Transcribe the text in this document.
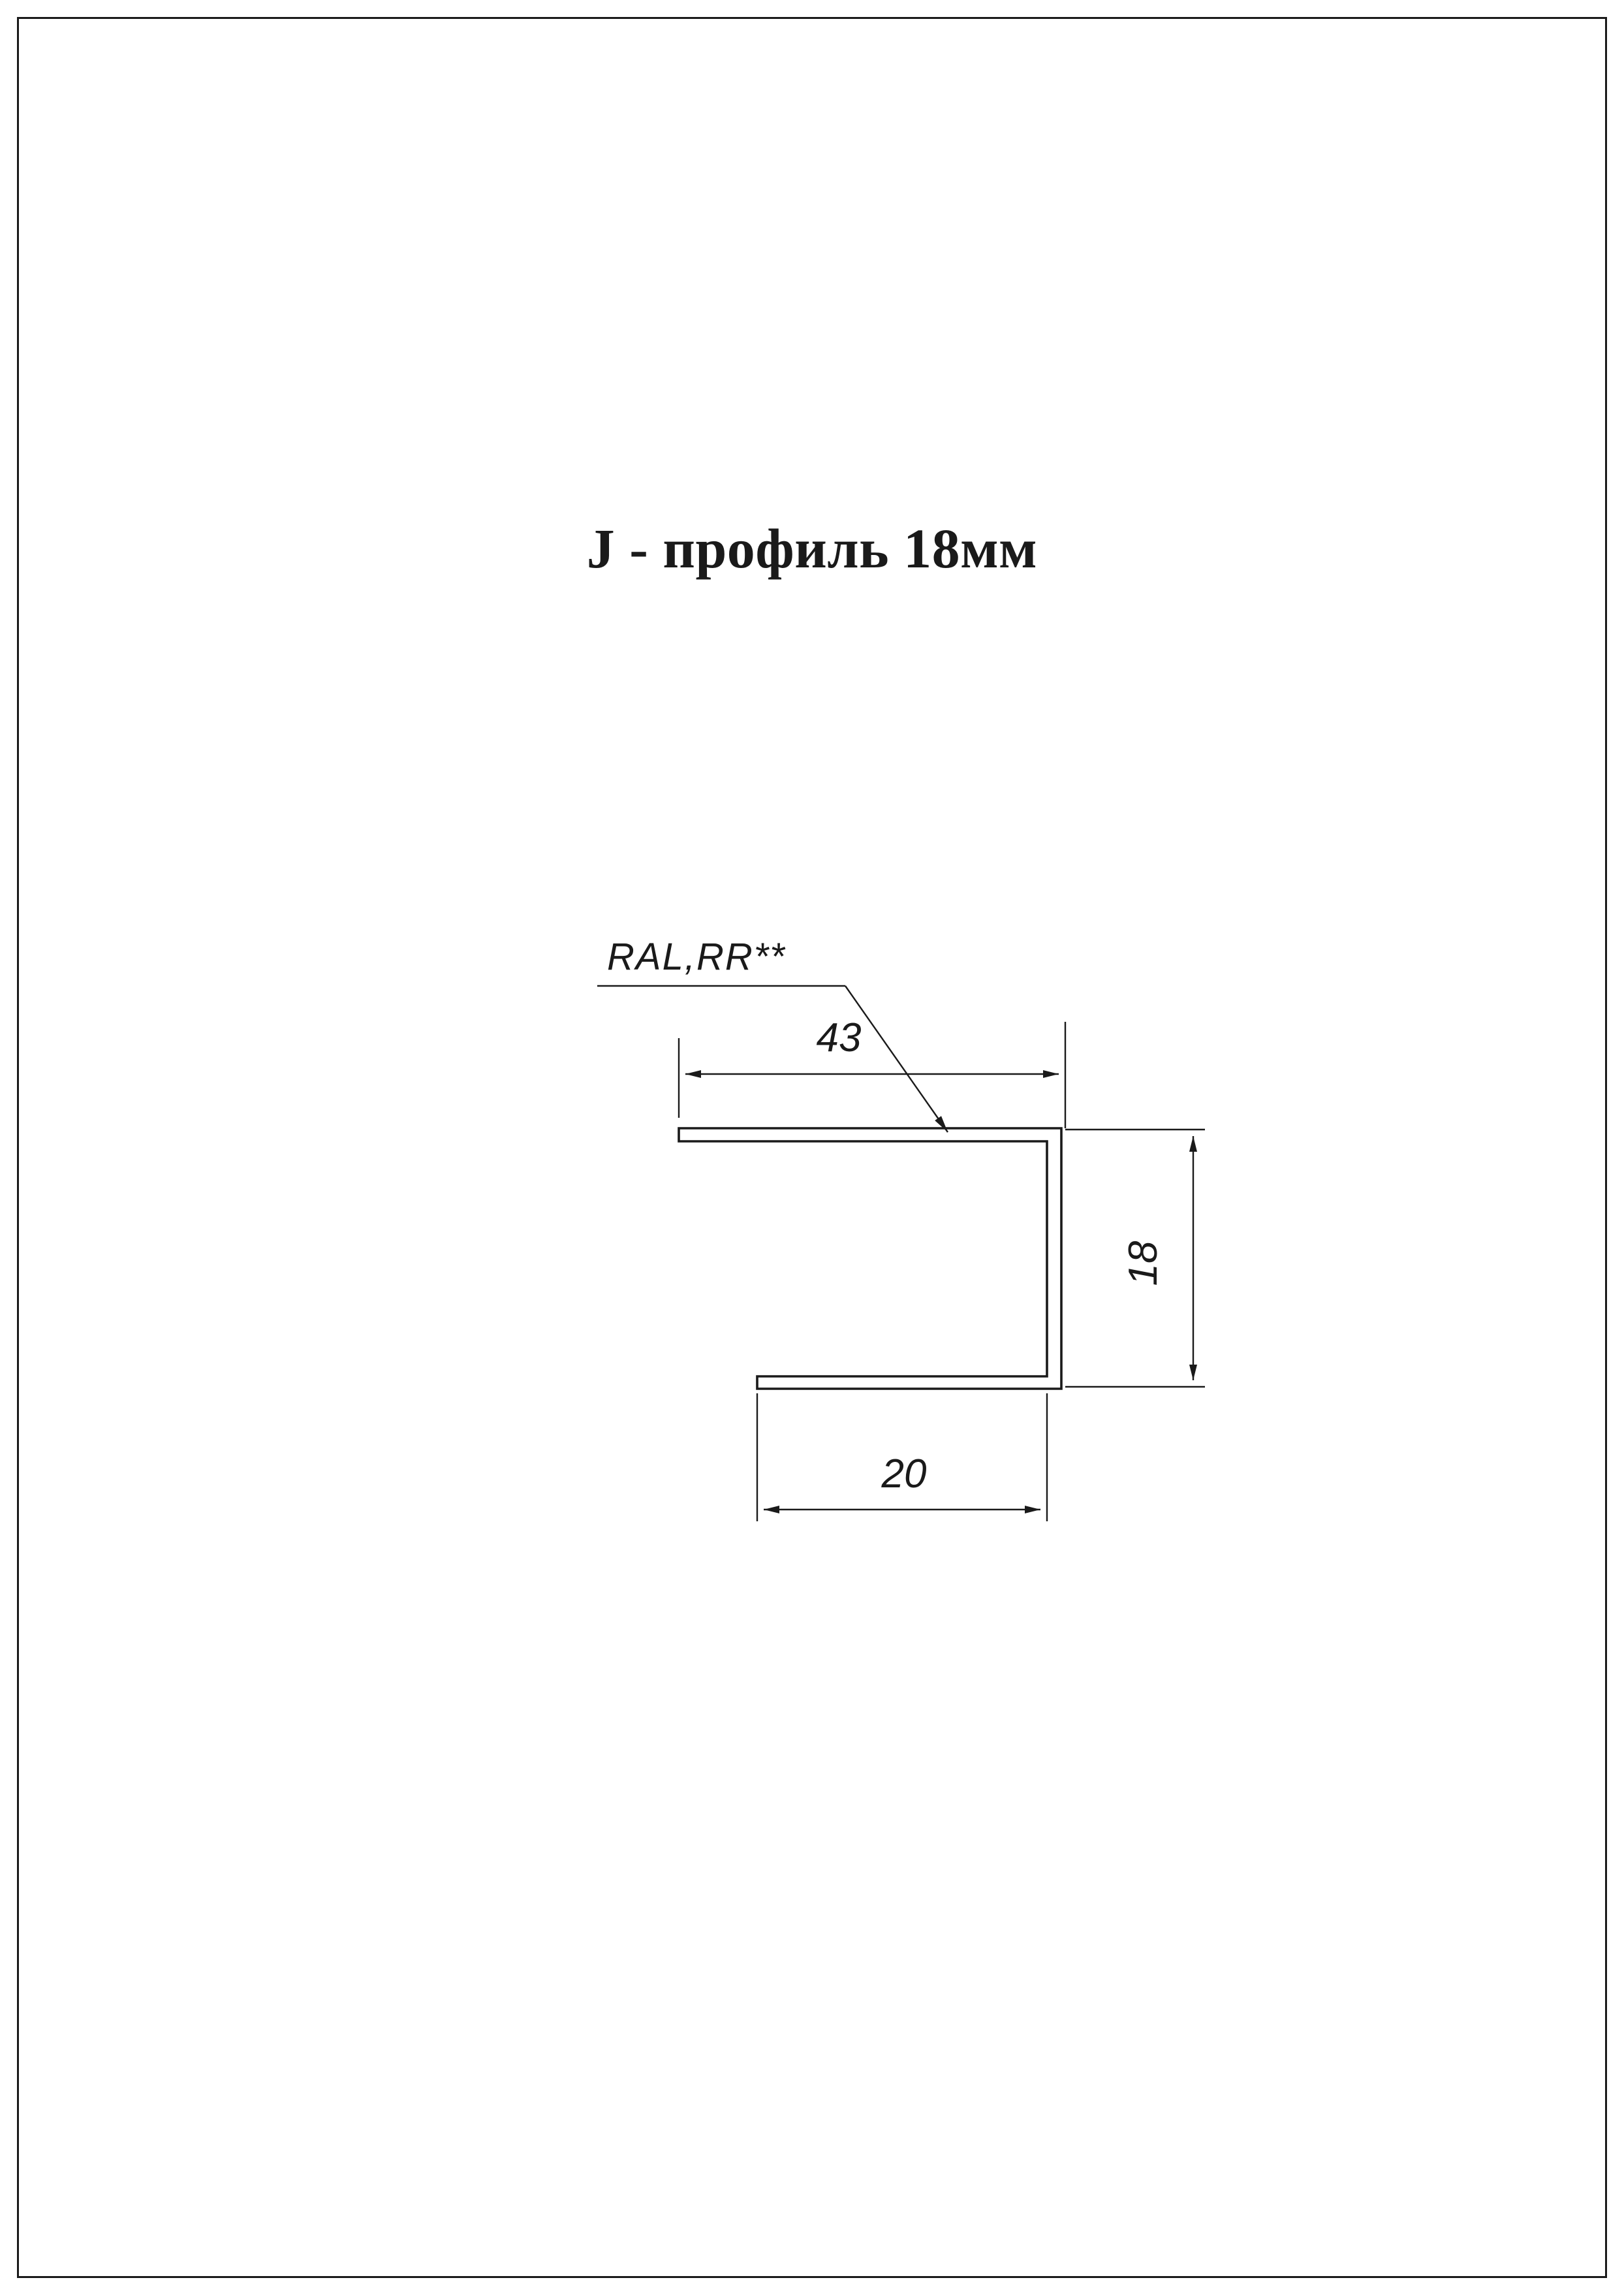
J - профиль 18мм
43
18
20
RAL,RR**
